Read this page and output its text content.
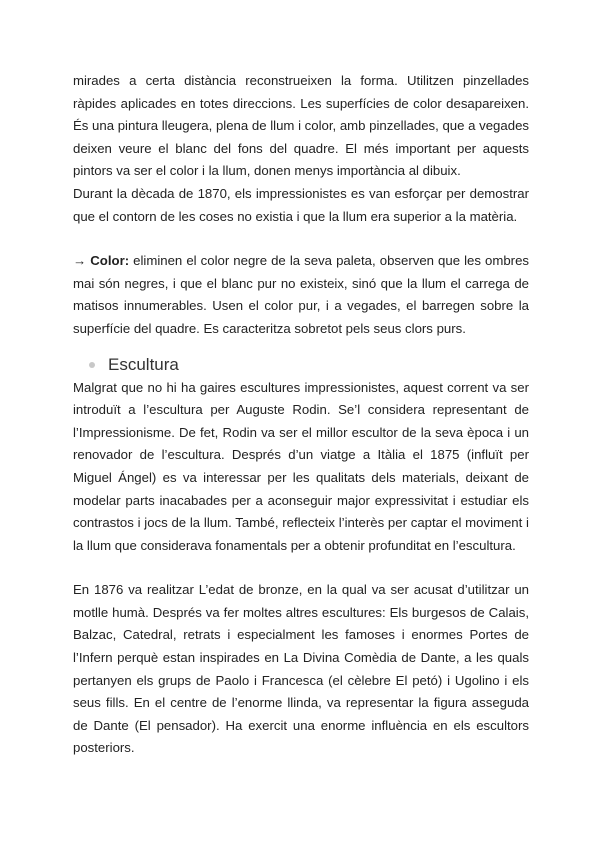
mirades a certa distància reconstrueixen la forma. Utilitzen pinzellades ràpides aplicades en totes direccions. Les superfícies de color desapareixen. És una pintura lleugera, plena de llum i color, amb pinzellades, que a vegades deixen veure el blanc del fons del quadre. El més important per aquests pintors va ser el color i la llum, donen menys importància al dibuix.

Durant la dècada de 1870, els impressionistes es van esforçar per demostrar que el contorn de les coses no existia i que la llum era superior a la matèria.

→ Color: eliminen el color negre de la seva paleta, observen que les ombres mai són negres, i que el blanc pur no existeix, sinó que la llum el carrega de matisos innumerables. Usen el color pur, i a vegades, el barregen sobre la superfície del quadre. Es caracteritza sobretot pels seus clors purs.

Escultura

Malgrat que no hi ha gaires escultures impressionistes, aquest corrent va ser introduït a l’escultura per Auguste Rodin. Se’l considera representant de l’Impressionisme. De fet, Rodin va ser el millor escultor de la seva època i un renovador de l’escultura. Després d’un viatge a Itàlia el 1875 (influït per Miguel Ángel) es va interessar per les qualitats dels materials, deixant de modelar parts inacabades per a aconseguir major expressivitat i estudiar els contrastos i jocs de la llum. També, reflecteix l’interès per captar el moviment i la llum que considerava fonamentals per a obtenir profunditat en l’escultura.

En 1876 va realitzar L’edat de bronze, en la qual va ser acusat d’utilitzar un motlle humà. Després va fer moltes altres escultures: Els burgesos de Calais, Balzac, Catedral, retrats i especialment les famoses i enormes Portes de l’Infern perquè estan inspirades en La Divina Comèdia de Dante, a les quals pertanyen els grups de Paolo i Francesca (el cèlebre El petó) i Ugolino i els seus fills. En el centre de l’enorme llinda, va representar la figura asseguda de Dante (El pensador). Ha exercit una enorme influència en els escultors posteriors.
